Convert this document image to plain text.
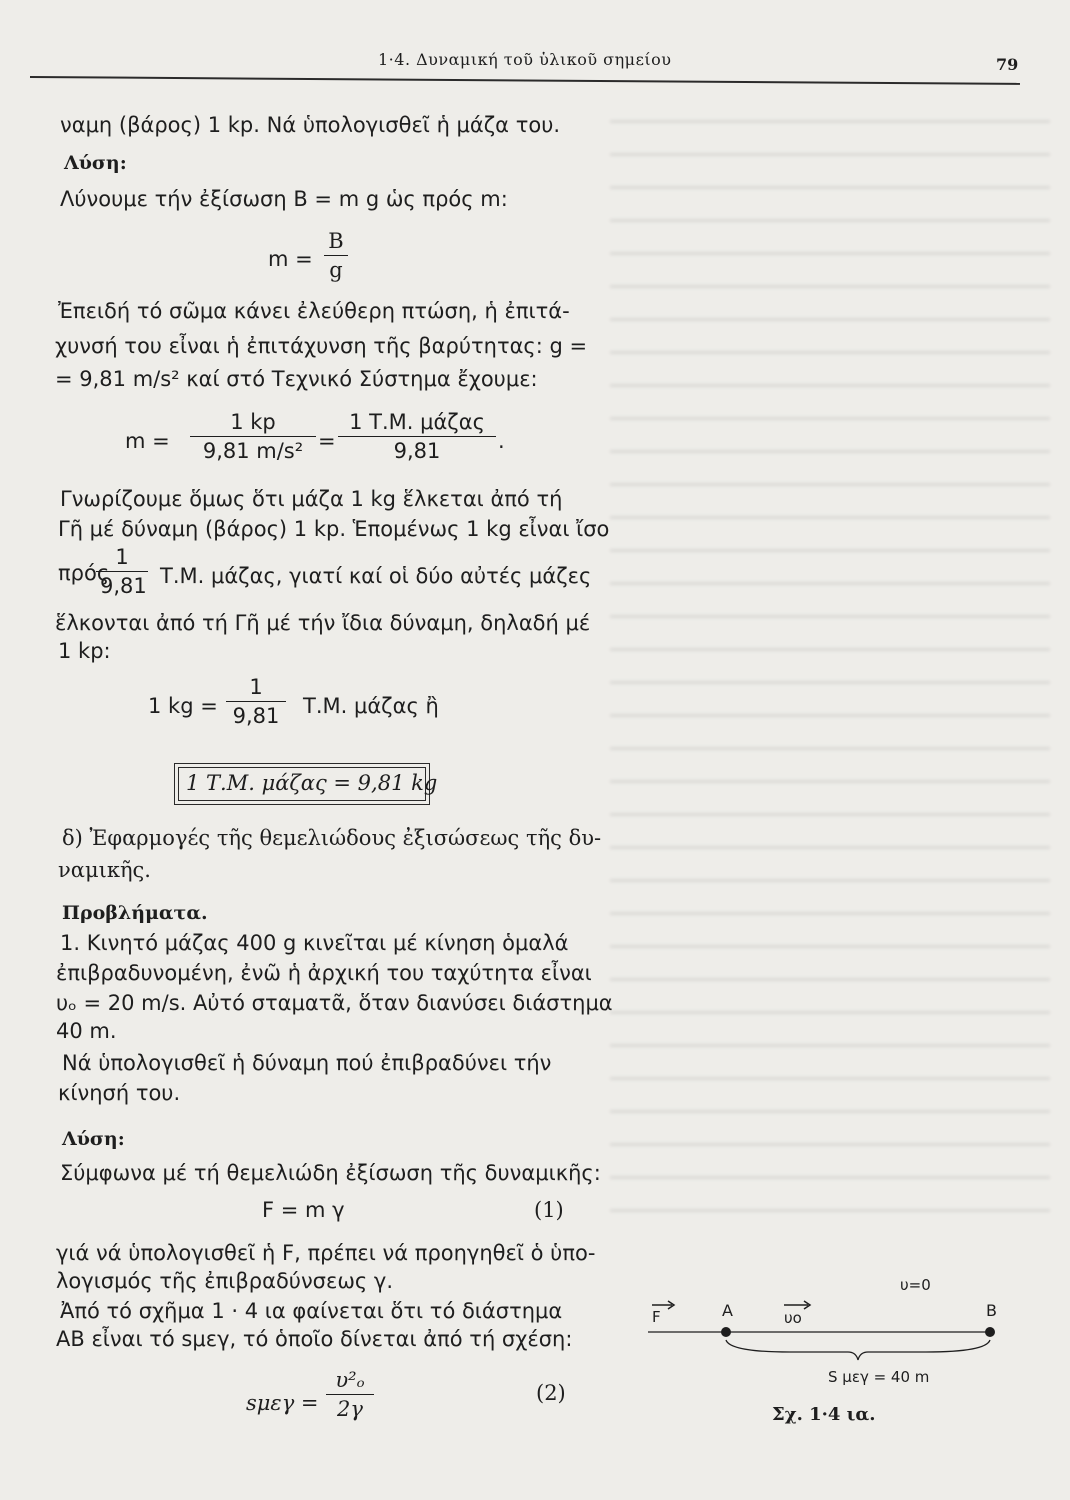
1·4. Δυναμική τοῦ ὑλικοῦ σημείου	79
ναμη (βάρος) 1 kp. Νά ὑπολογισθεῖ ἡ μάζα του.
Λύση:
Λύνουμε τήν ἐξίσωση B = m g ὡς πρός m:
m =
B
g
Ἐπειδή τό σῶμα κάνει ἐλεύθερη πτώση, ἡ ἐπιτά-
χυνσή του εἶναι ἡ ἐπιτάχυνση τῆς βαρύτητας: g =
= 9,81 m/s² καί στό Τεχνικό Σύστημα ἔχουμε:
m =
1 kp
9,81 m/s² =
1 Τ.Μ. μάζας
9,81	.
Γνωρίζουμε ὅμως ὅτι μάζα 1 kg ἕλκεται ἀπό τή
Γῆ μέ δύναμη (βάρος) 1 kp. Ἑπομένως 1 kg εἶναι ἴσο
πρός
1
9,81 Τ.Μ. μάζας, γιατί καί οἱ δύο αὐτές μάζες
ἕλκονται ἀπό τή Γῆ μέ τήν ἴδια δύναμη, δηλαδή μέ
1 kp:
1 kg =
1
9,81	Τ.Μ. μάζας ἢ
1 Τ.Μ. μάζας = 9,81 kg
δ) Ἐφαρμογές τῆς θεμελιώδους ἐξισώσεως τῆς δυ-
ναμικῆς.
Προβλήματα.
1. Κινητό μάζας 400 g κινεῖται μέ κίνηση ὁμαλά
ἐπιβραδυνομένη, ἐνῶ ἡ ἀρχική του ταχύτητα εἶναι
υₒ = 20 m/s. Αὐτό σταματᾶ, ὅταν διανύσει διάστημα
40 m.
Νά ὑπολογισθεῖ ἡ δύναμη πού ἐπιβραδύνει τήν
κίνησή του.
Λύση:
Σύμφωνα μέ τή θεμελιώδη ἐξίσωση τῆς δυναμικῆς:
F = m γ	(1)
γιά νά ὑπολογισθεῖ ἡ F, πρέπει νά προηγηθεῖ ὁ ὑπο-
λογισμός τῆς ἐπιβραδύνσεως γ.
Ἀπό τό σχῆμα 1 · 4 ια φαίνεται ὅτι τό διάστημα
AB εἶναι τό sμεγ, τό ὁποῖο δίνεται ἀπό τή σχέση:
sμεγ =
υ²ₒ
2γ
(2)
υ=0
F	A	υo	B
S μεγ = 40 m
Σχ. 1·4 ια.
